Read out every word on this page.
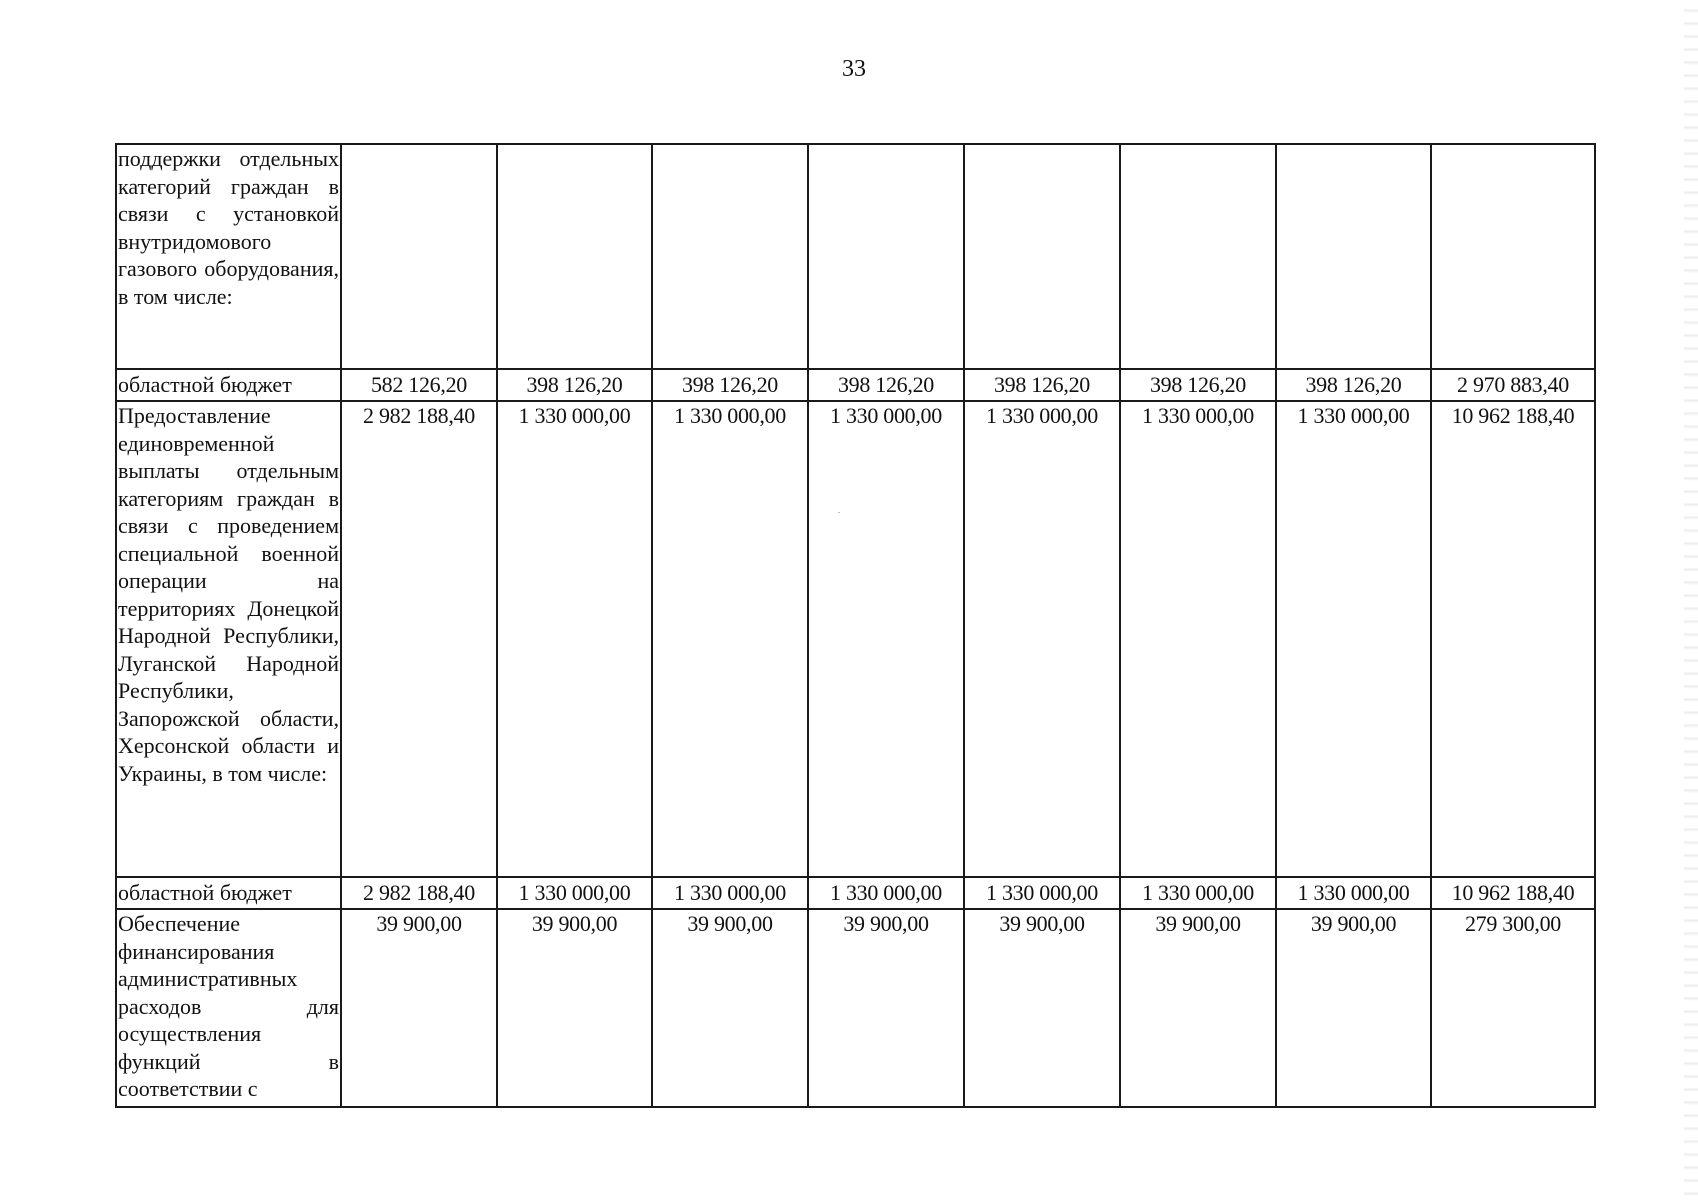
33
поддержки отдельных категорий граждан в связи с установкой внутридомового газового оборудования, в том числе:								
областной бюджет	582 126,20	398 126,20	398 126,20	398 126,20	398 126,20	398 126,20	398 126,20	2 970 883,40
Предоставление единовременной выплаты отдельным категориям граждан в связи с проведением специальной военной операции на территориях Донецкой Народной Республики, Луганской Народной Республики, Запорожской области, Херсонской области и Украины, в том числе:	2 982 188,40	1 330 000,00	1 330 000,00	1 330 000,00	1 330 000,00	1 330 000,00	1 330 000,00	10 962 188,40
областной бюджет	2 982 188,40	1 330 000,00	1 330 000,00	1 330 000,00	1 330 000,00	1 330 000,00	1 330 000,00	10 962 188,40
Обеспечение финансирования административных расходов для осуществления функций в соответствии с	39 900,00	39 900,00	39 900,00	39 900,00	39 900,00	39 900,00	39 900,00	279 300,00
